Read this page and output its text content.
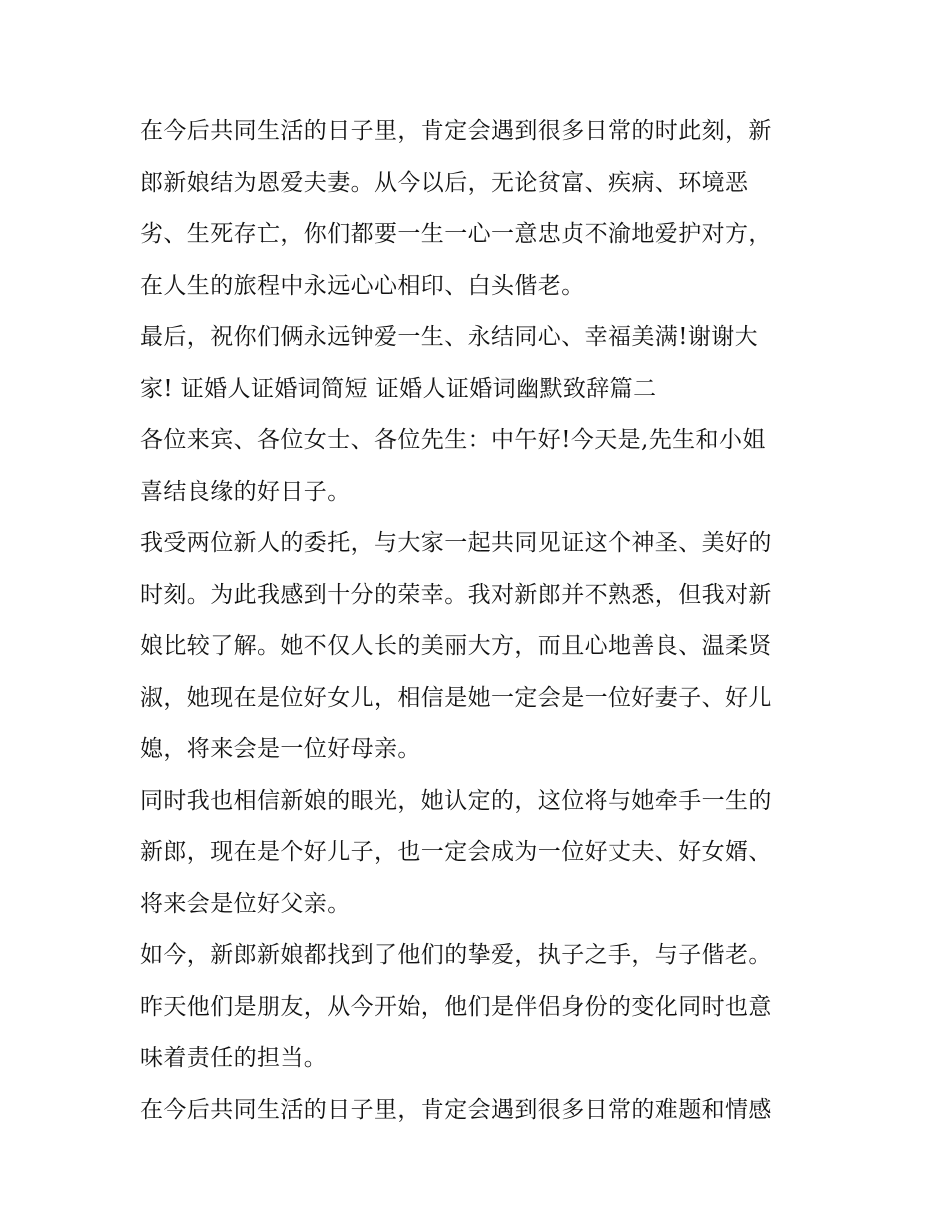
在今后共同生活的日子里，肯定会遇到很多日常的时此刻，新
郎新娘结为恩爱夫妻。从今以后，无论贫富、疾病、环境恶
劣、生死存亡，你们都要一生一心一意忠贞不渝地爱护对方，
在人生的旅程中永远心心相印、白头偕老。
最后，祝你们俩永远钟爱一生、永结同心、幸福美满!谢谢大
家! 证婚人证婚词简短 证婚人证婚词幽默致辞篇二
各位来宾、各位女士、各位先生：中午好!今天是,先生和小姐
喜结良缘的好日子。
我受两位新人的委托，与大家一起共同见证这个神圣、美好的
时刻。为此我感到十分的荣幸。我对新郎并不熟悉，但我对新
娘比较了解。她不仅人长的美丽大方，而且心地善良、温柔贤
淑，她现在是位好女儿，相信是她一定会是一位好妻子、好儿
媳，将来会是一位好母亲。
同时我也相信新娘的眼光，她认定的，这位将与她牵手一生的
新郎，现在是个好儿子，也一定会成为一位好丈夫、好女婿、
将来会是位好父亲。
如今，新郎新娘都找到了他们的挚爱，执子之手，与子偕老。
昨天他们是朋友，从今开始，他们是伴侣身份的变化同时也意
味着责任的担当。
在今后共同生活的日子里，肯定会遇到很多日常的难题和情感
